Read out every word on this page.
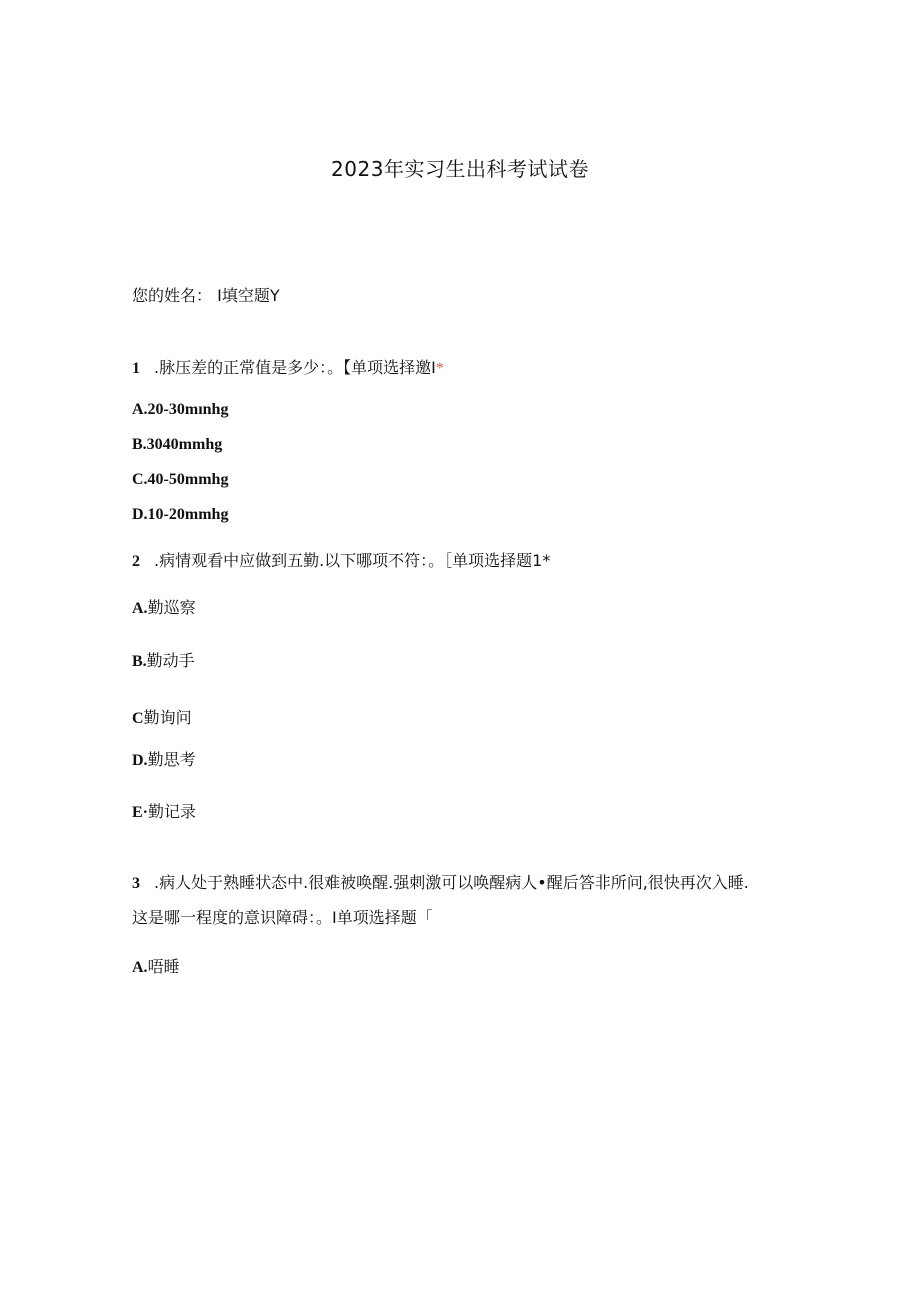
2023年实习生出科考试试卷
您的姓名： I填空题Y
1 .脉压差的正常值是多少：。【单项选择邀I*
A.20-30mınhg
B.3040mmhg
C.40-50mmhg
D.10-20mmhg
2 .病情观看中应做到五勤.以下哪项不符：。［单项选择题1*
A.勤巡察
B.勤动手
C勤询问
D.勤思考
E·勤记录
3 .病人处于熟睡状态中.很难被唤醒.强刺激可以唤醒病人•醒后答非所问,很快再次入睡.
这是哪一程度的意识障碍：。I单项选择题「
A.唔睡
